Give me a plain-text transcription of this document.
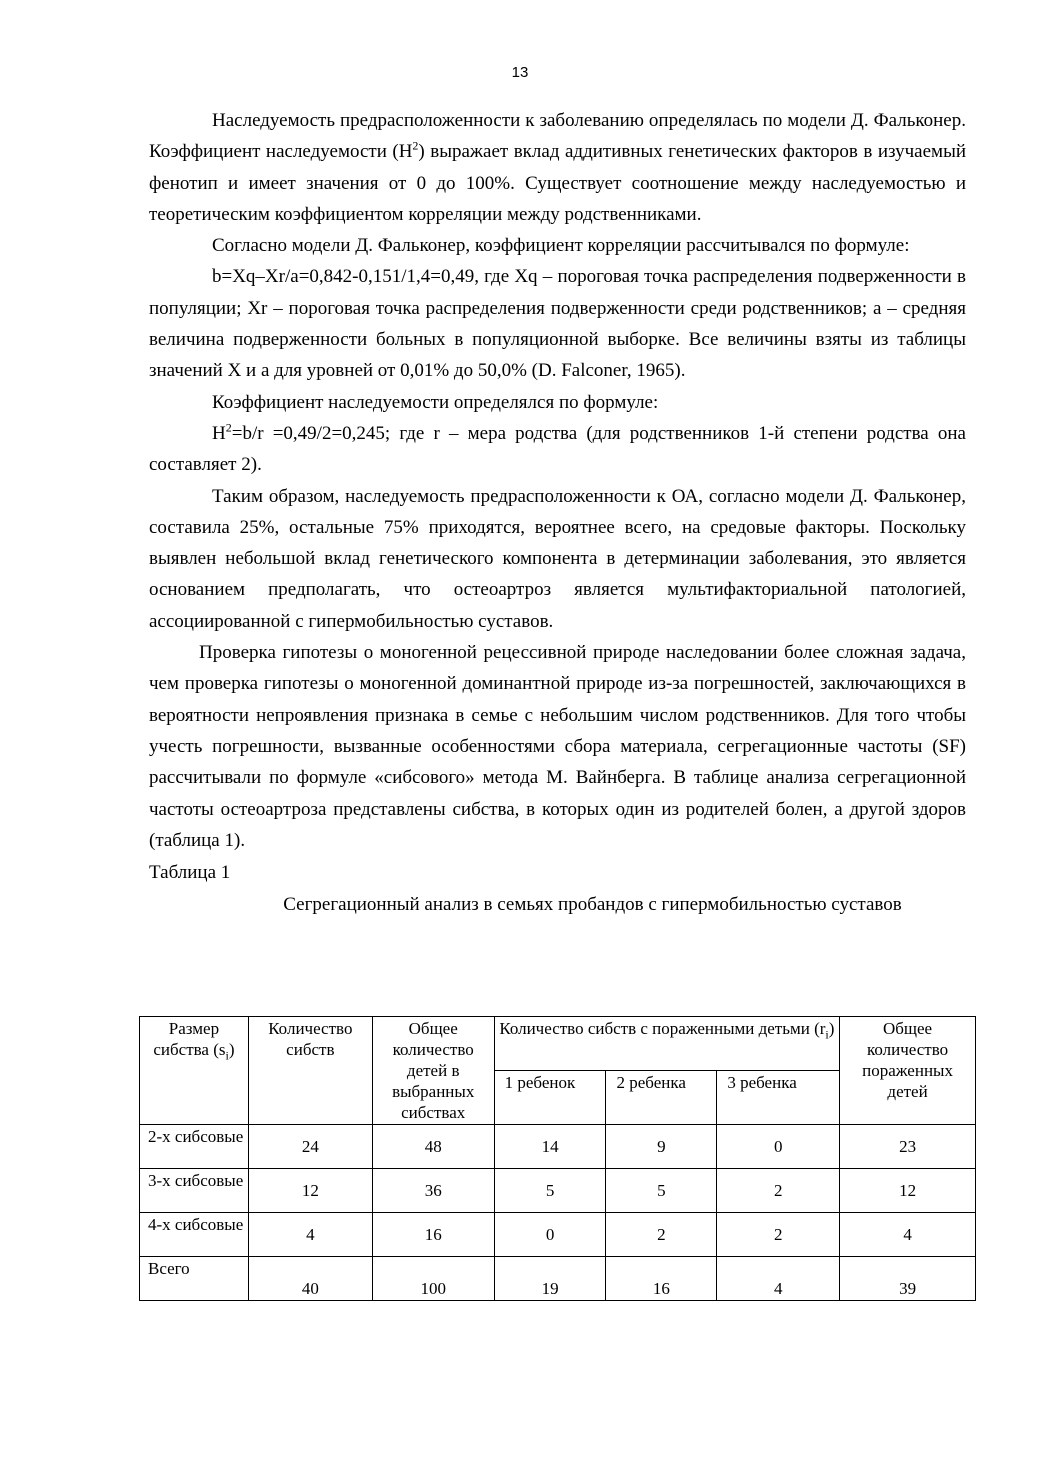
13

Наследуемость предрасположенности к заболеванию определялась по модели Д. Фальконер. Коэффициент наследуемости $(H^2)$ выражает вклад аддитивных генетических факторов в изучаемый фенотип и имеет значения от 0 до 100%. Существует соотношение между наследуемостью и теоретическим коэффициентом корреляции между родственниками.

Согласно модели Д. Фальконер, коэффициент корреляции рассчитывался по формуле:

b=Xq–Xr/a=0,842-0,151/1,4=0,49, где Xq – пороговая точка распределения подверженности в популяции; Xr – пороговая точка распределения подверженности среди родственников; a – средняя величина подверженности больных в популяционной выборке. Все величины взяты из таблицы значений X и a для уровней от 0,01% до 50,0% (D. Falconer, 1965).

Коэффициент наследуемости определялся по формуле:

$H^2=b/r =0,49/2=0,245$; где r – мера родства (для родственников 1-й степени родства она составляет 2).

Таким образом, наследуемость предрасположенности к ОА, согласно модели Д. Фальконер, составила 25%, остальные 75% приходятся, вероятнее всего, на средовые факторы. Поскольку выявлен небольшой вклад генетического компонента в детерминации заболевания, это является основанием предполагать, что остеоартроз является мультифакториальной патологией, ассоциированной с гипермобильностью суставов.

Проверка гипотезы о моногенной рецессивной природе наследовании более сложная задача, чем проверка гипотезы о моногенной доминантной природе из-за погрешностей, заключающихся в вероятности непроявления признака в семье с небольшим числом родственников. Для того чтобы учесть погрешности, вызванные особенностями сбора материала, сегрегационные частоты (SF) рассчитывали по формуле «сибсового» метода М. Вайнберга. В таблице анализа сегрегационной частоты остеоартроза представлены сибства, в которых один из родителей болен, а другой здоров (таблица 1).

Таблица 1

Сегрегационный анализ в семьях пробандов с гипермобильностью суставов

Размер сибства $(s_i)$	Количество сибств	Общее количество детей в выбранных сибствах	Количество сибств с пораженными детьми $(r_i)$			Общее количество пораженных детей
			1 ребенок	2 ребенка	3 ребенка	
2-х сибсовые	24	48	14	9	0	23
3-х сибсовые	12	36	5	5	2	12
4-х сибсовые	4	16	0	2	2	4
Всего	40	100	19	16	4	39
